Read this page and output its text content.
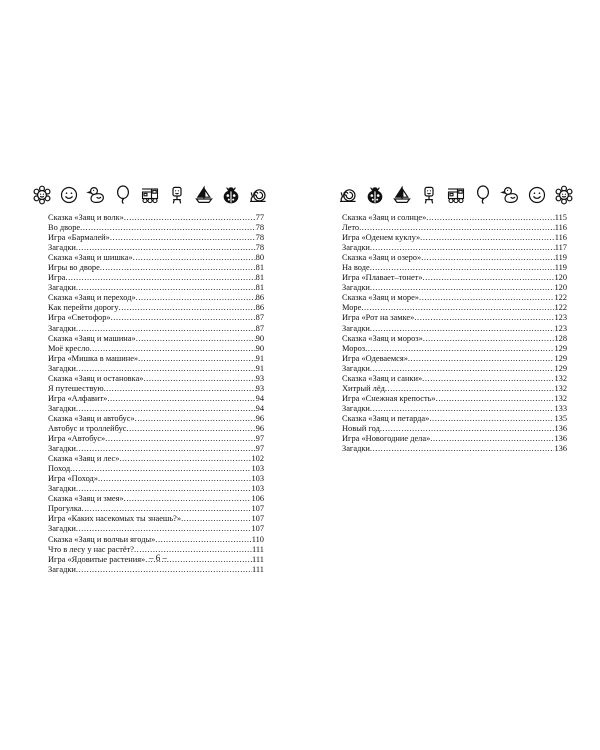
Сказка «Заяц и волк» .....	77
Во дворе .....	78
Игра «Бармалей» .....	78
Загадки .....	78
Сказка «Заяц и шишка» .....	80
Игры во дворе .....	81
Игра .....	81
Загадки .....	81
Сказка «Заяц и переход» .....	86
Как перейти дорогу .....	86
Игра «Светофор» .....	87
Загадки .....	87
Сказка «Заяц и машина» .....	90
Моё кресло .....	90
Игра «Мишка в машине» .....	91
Загадки .....	91
Сказка «Заяц и остановка» .....	93
Я путешествую .....	93
Игра «Алфавит» .....	94
Загадки .....	94
Сказка «Заяц и автобус» .....	96
Автобус и троллейбус .....	96
Игра «Автобус» .....	97
Загадки .....	97
Сказка «Заяц и лес» .....	102
Поход .....	103
Игра «Поход» .....	103
Загадки .....	103
Сказка «Заяц и змея» .....	106
Прогулка .....	107
Игра «Каких насекомых ты знаешь?» .....	107
Загадки .....	107
Сказка «Заяц и волчьи ягоды» .....	110
Что в лесу у нас растёт? .....	111
Игра «Ядовитые растения» .....	111
Загадки .....	111
– 6 –
Сказка «Заяц и солнце» .....	115
Лето .....	116
Игра «Оденем куклу» .....	116
Загадки .....	117
Сказка «Заяц и озеро» .....	119
На воде .....	119
Игра «Плавает–тонет» .....	120
Загадки .....	120
Сказка «Заяц и море» .....	122
Море .....	122
Игра «Рот на замке» .....	123
Загадки .....	123
Сказка «Заяц и мороз» .....	128
Мороз .....	129
Игра «Одеваемся» .....	129
Загадки .....	129
Сказка «Заяц и санки» .....	132
Хитрый лёд .....	132
Игра «Снежная крепость» .....	132
Загадки .....	133
Сказка «Заяц и петарда» .....	135
Новый год .....	136
Игра «Новогодние дела» .....	136
Загадки .....	136
